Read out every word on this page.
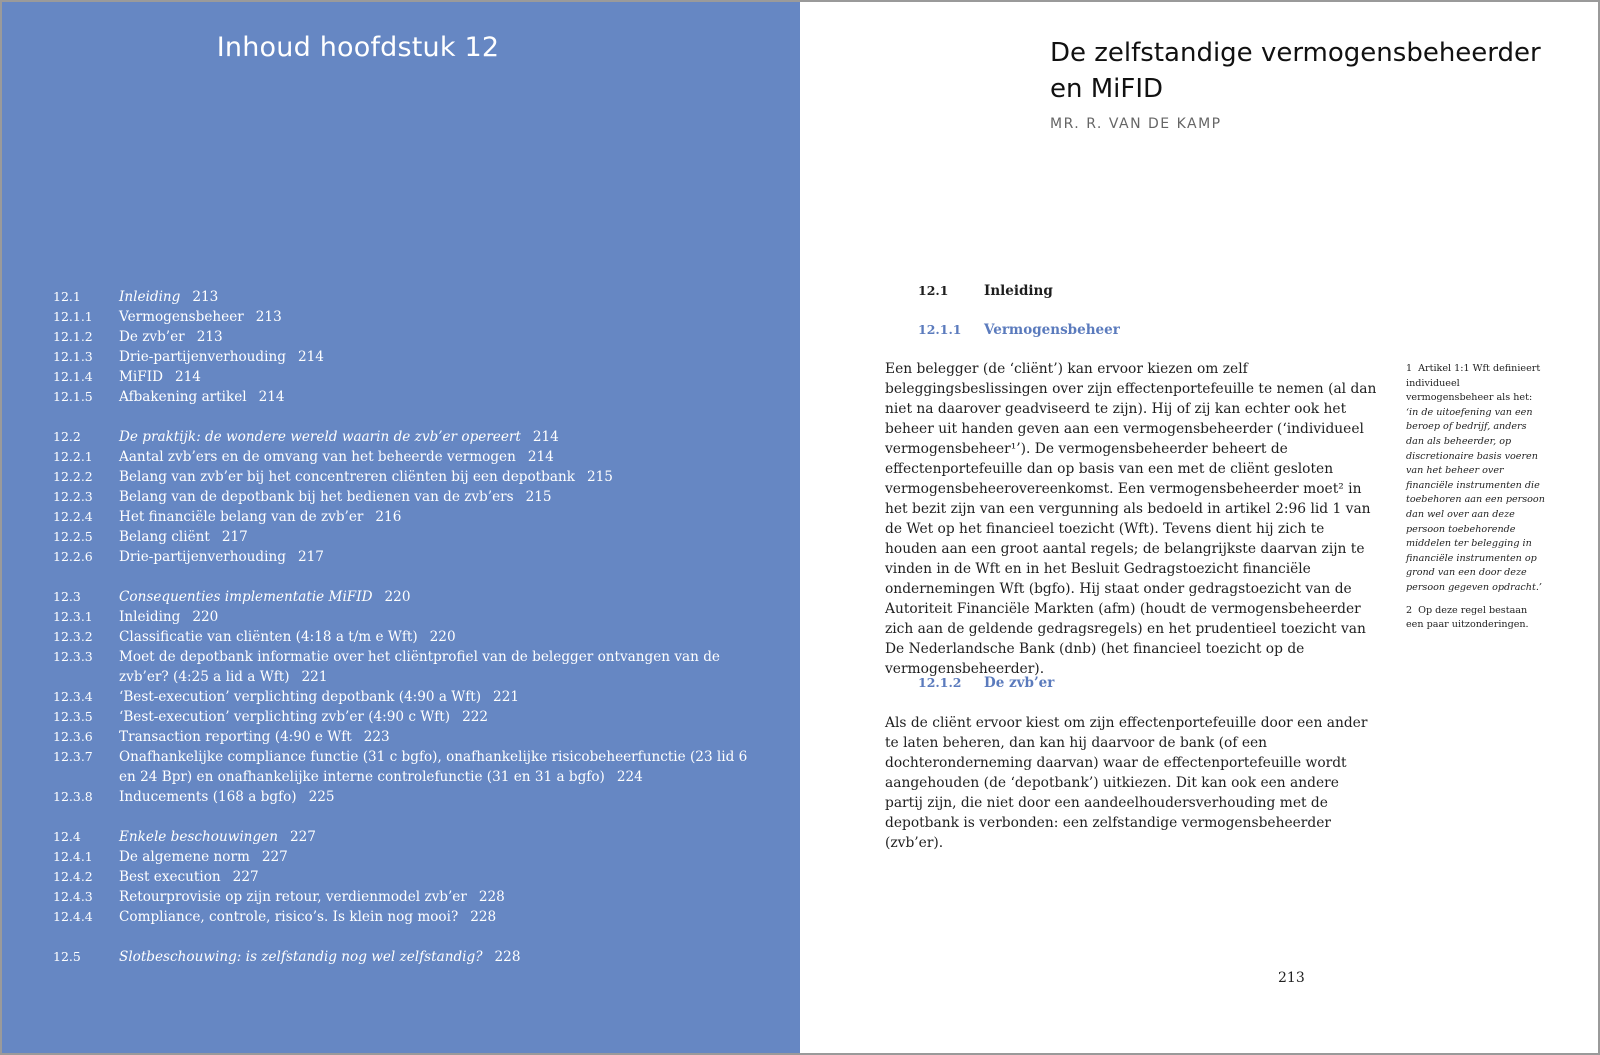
Inhoud hoofdstuk 12
12.1	Inleiding 213
12.1.1	Vermogensbeheer 213
12.1.2	De zvb’er 213
12.1.3	Drie-partijenverhouding 214
12.1.4	MiFID 214
12.1.5	Afbakening artikel 214
12.2	De praktijk: de wondere wereld waarin de zvb’er opereert 214
12.2.1	Aantal zvb’ers en de omvang van het beheerde vermogen 214
12.2.2	Belang van zvb’er bij het concentreren cliënten bij een depotbank 215
12.2.3	Belang van de depotbank bij het bedienen van de zvb’ers 215
12.2.4	Het financiële belang van de zvb’er 216
12.2.5	Belang cliënt 217
12.2.6	Drie-partijenverhouding 217
12.3	Consequenties implementatie MiFID 220
12.3.1	Inleiding 220
12.3.2	Classificatie van cliënten (4:18 a t/m e Wft) 220
12.3.3	Moet de depotbank informatie over het cliëntprofiel van de belegger ontvangen van de zvb’er? (4:25 a lid a Wft) 221
12.3.4	‘Best-execution’ verplichting depotbank (4:90 a Wft) 221
12.3.5	‘Best-execution’ verplichting zvb’er (4:90 c Wft) 222
12.3.6	Transaction reporting (4:90 e Wft 223
12.3.7	Onafhankelijke compliance functie (31 c bgfo), onafhankelijke risicobeheerfunctie (23 lid 6 en 24 Bpr) en onafhankelijke interne controlefunctie (31 en 31 a bgfo) 224
12.3.8	Inducements (168 a bgfo) 225
12.4	Enkele beschouwingen 227
12.4.1	De algemene norm 227
12.4.2	Best execution 227
12.4.3	Retourprovisie op zijn retour, verdienmodel zvb’er 228
12.4.4	Compliance, controle, risico’s. Is klein nog mooi? 228
12.5	Slotbeschouwing: is zelfstandig nog wel zelfstandig? 228
De zelfstandige vermogensbeheerder
en MiFID
MR. R. VAN DE KAMP
12.1	Inleiding
12.1.1	Vermogensbeheer

Een belegger (de ‘cliënt’) kan ervoor kiezen om zelf beleggingsbeslissingen over zijn effectenportefeuille te nemen (al dan niet na daarover geadviseerd te zijn). Hij of zij kan echter ook het beheer uit handen geven aan een vermogensbeheerder (‘individueel vermogensbeheer¹’). De vermogensbeheerder beheert de effectenportefeuille dan op basis van een met de cliënt gesloten vermogensbeheerovereenkomst. Een vermogensbeheerder moet² in het bezit zijn van een vergunning als bedoeld in artikel 2:96 lid 1 van de Wet op het financieel toezicht (Wft). Tevens dient hij zich te houden aan een groot aantal regels; de belangrijkste daarvan zijn te vinden in de Wft en in het Besluit Gedragstoezicht financiële ondernemingen Wft (bgfo). Hij staat onder gedragstoezicht van de Autoriteit Financiële Markten (afm) (houdt de vermogensbeheerder zich aan de geldende gedragsregels) en het prudentieel toezicht van De Nederlandsche Bank (dnb) (het financieel toezicht op de vermogensbeheerder).

12.1.2	De zvb’er

Als de cliënt ervoor kiest om zijn effectenportefeuille door een ander te laten beheren, dan kan hij daarvoor de bank (of een dochteronderneming daarvan) waar de effectenportefeuille wordt aangehouden (de ‘depotbank’) uitkiezen. Dit kan ook een andere partij zijn, die niet door een aandeelhoudersverhouding met de depotbank is verbonden: een zelfstandige vermogensbeheerder (zvb’er).

1 Artikel 1:1 Wft definieert individueel vermogensbeheer als het: ‘in de uitoefening van een beroep of bedrijf, anders dan als beheerder, op discretionaire basis voeren van het beheer over financiële instrumenten die toebehoren aan een persoon dan wel over aan deze persoon toebehorende middelen ter belegging in financiële instrumenten op grond van een door deze persoon gegeven opdracht.’
2 Op deze regel bestaan een paar uitzonderingen.
213
